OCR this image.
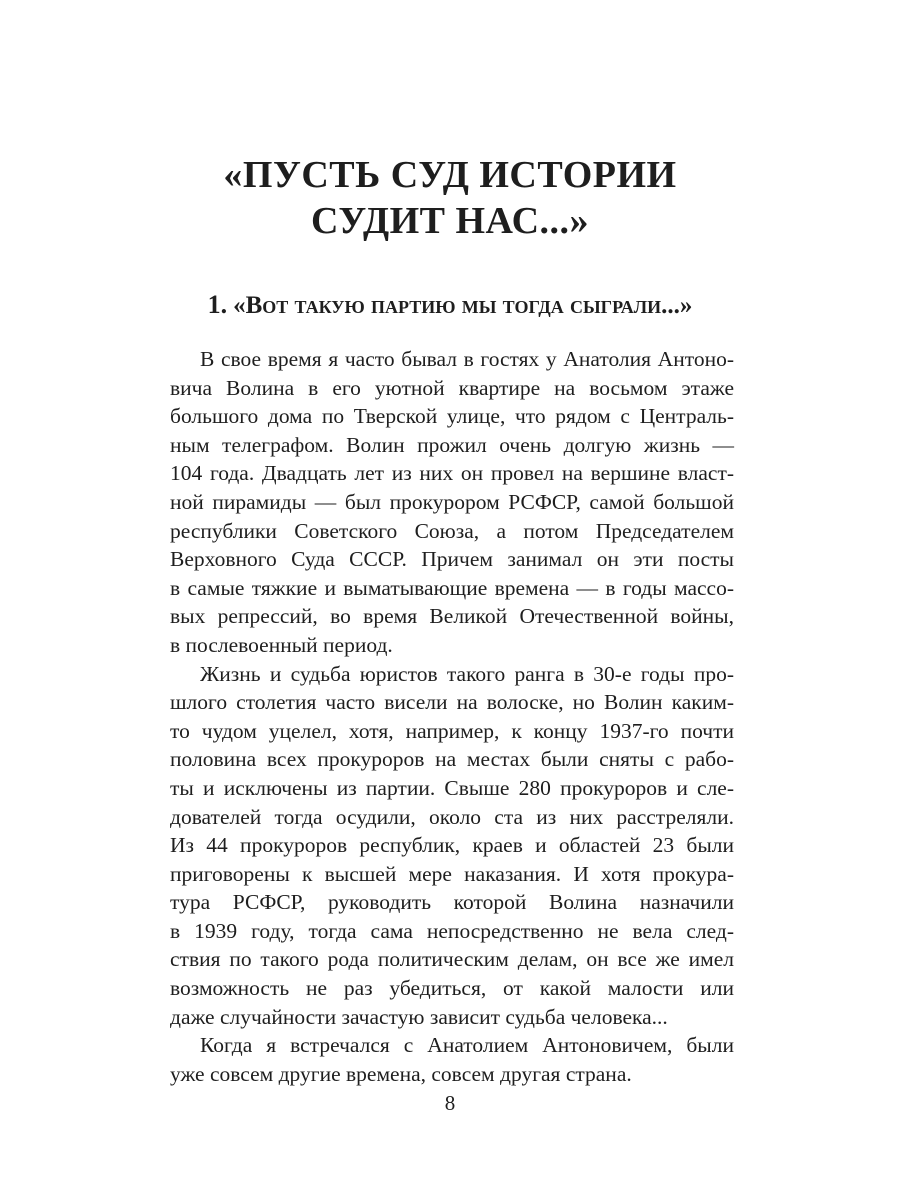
«ПУСТЬ СУД ИСТОРИИ
СУДИТ НАС...»
1. «Вот такую партию мы тогда сыграли...»
В свое время я часто бывал в гостях у Анатолия Антоно-
вича Волина в его уютной квартире на восьмом этаже
большого дома по Тверской улице, что рядом с Централь-
ным телеграфом. Волин прожил очень долгую жизнь —
104 года. Двадцать лет из них он провел на вершине власт-
ной пирамиды — был прокурором РСФСР, самой большой
республики Советского Союза, а потом Председателем
Верховного Суда СССР. Причем занимал он эти посты
в самые тяжкие и выматывающие времена — в годы массо-
вых репрессий, во время Великой Отечественной войны,
в послевоенный период.
Жизнь и судьба юристов такого ранга в 30-е годы про-
шлого столетия часто висели на волоске, но Волин каким-
то чудом уцелел, хотя, например, к концу 1937-го почти
половина всех прокуроров на местах были сняты с рабо-
ты и исключены из партии. Свыше 280 прокуроров и сле-
дователей тогда осудили, около ста из них расстреляли.
Из 44 прокуроров республик, краев и областей 23 были
приговорены к высшей мере наказания. И хотя прокура-
тура РСФСР, руководить которой Волина назначили
в 1939 году, тогда сама непосредственно не вела след-
ствия по такого рода политическим делам, он все же имел
возможность не раз убедиться, от какой малости или
даже случайности зачастую зависит судьба человека...
Когда я встречался с Анатолием Антоновичем, были
уже совсем другие времена, совсем другая страна.
8
